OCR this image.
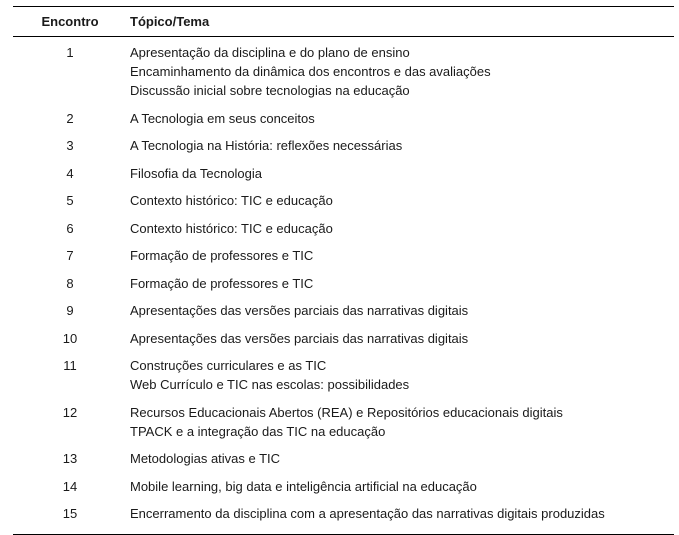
Encontro	Tópico/Tema
1	Apresentação da disciplina e do plano de ensino
Encaminhamento da dinâmica dos encontros e das avaliações
Discussão inicial sobre tecnologias na educação
2	A Tecnologia em seus conceitos
3	A Tecnologia na História: reflexões necessárias
4	Filosofia da Tecnologia
5	Contexto histórico: TIC e educação
6	Contexto histórico: TIC e educação
7	Formação de professores e TIC
8	Formação de professores e TIC
9	Apresentações das versões parciais das narrativas digitais
10	Apresentações das versões parciais das narrativas digitais
11	Construções curriculares e as TIC
Web Currículo e TIC nas escolas: possibilidades
12	Recursos Educacionais Abertos (REA) e Repositórios educacionais digitais
TPACK e a integração das TIC na educação
13	Metodologias ativas e TIC
14	Mobile learning, big data e inteligência artificial na educação
15	Encerramento da disciplina com a apresentação das narrativas digitais produzidas
